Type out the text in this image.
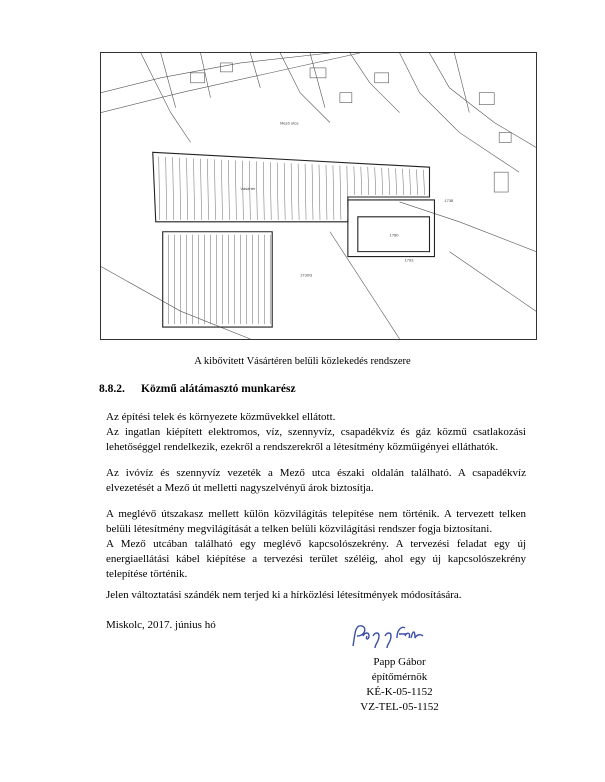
Mező utca
Vásártér
1730/3
1780
1738
1793
A kibővített Vásártéren belüli közlekedés rendszere
8.8.2. Közmű alátámasztó munkarész

Az építési telek és környezete közművekkel ellátott.

Az ingatlan kiépített elektromos, víz, szennyvíz, csapadékvíz és gáz közmű csatlakozási lehetőséggel rendelkezik, ezekről a rendszerekről a létesítmény közműigényei elláthatók.

Az ivóvíz és szennyvíz vezeték a Mező utca északi oldalán található. A csapadékvíz elvezetését a Mező út melletti nagyszelvényű árok biztosítja.

A meglévő útszakasz mellett külön közvilágítás telepítése nem történik. A tervezett telken belüli létesítmény megvilágítását a telken belüli közvilágítási rendszer fogja biztosítani.

A Mező utcában található egy meglévő kapcsolószekrény. A tervezési feladat egy új energiaellátási kábel kiépítése a tervezési terület széléig, ahol egy új kapcsolószekrény telepítése történik.

Jelen változtatási szándék nem terjed ki a hírközlési létesítmények módosítására.

Miskolc, 2017. június hó

Papp Gábor
építőmérnök
KÉ-K-05-1152
VZ-TEL-05-1152
